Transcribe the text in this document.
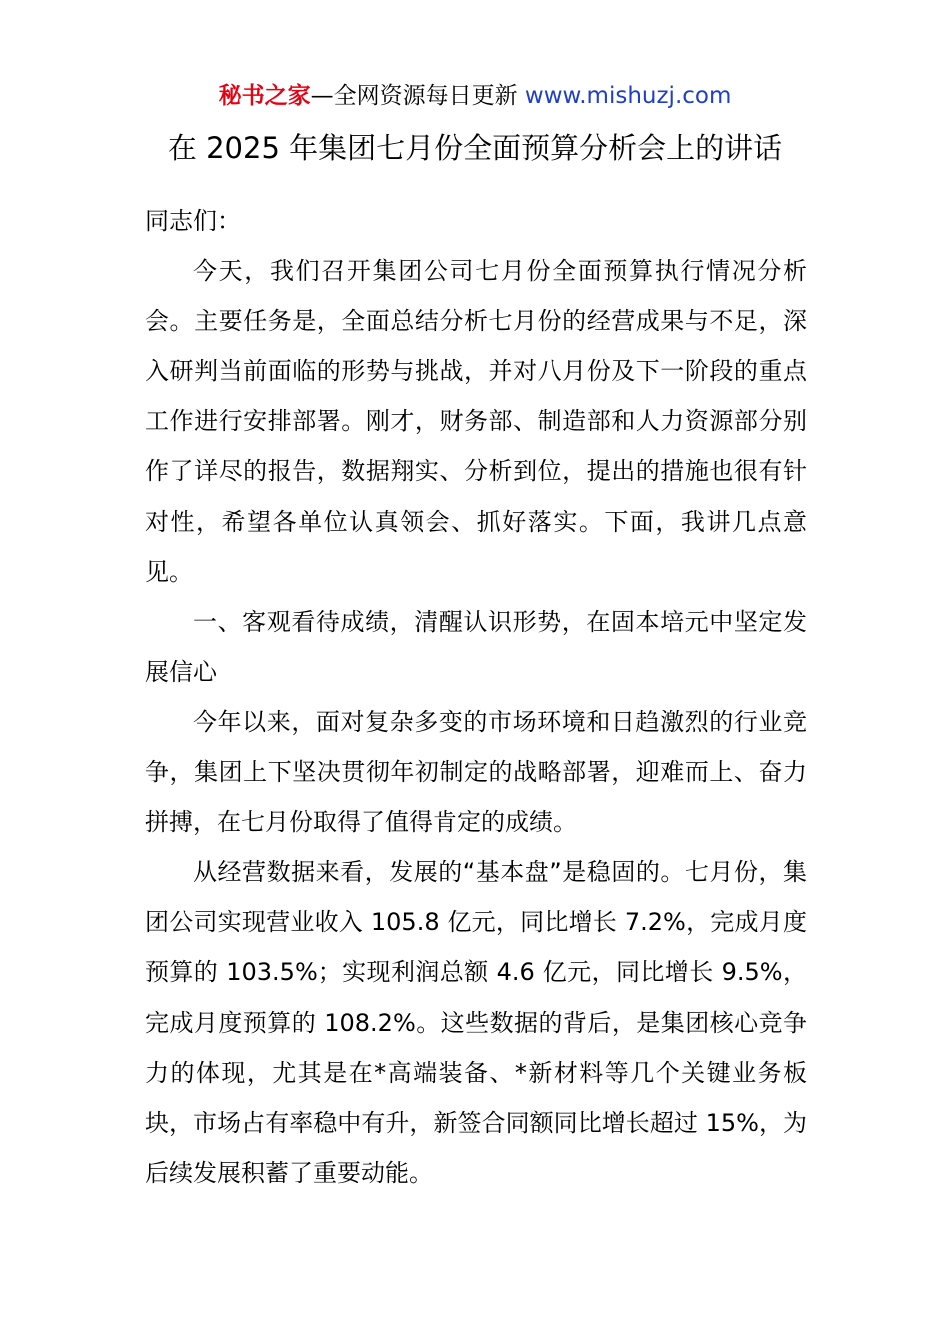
秘书之家—全网资源每日更新 www.mishuzj.com
在 2025 年集团七月份全面预算分析会上的讲话

同志们：

今天，我们召开集团公司七月份全面预算执行情况分析会。主要任务是，全面总结分析七月份的经营成果与不足，深入研判当前面临的形势与挑战，并对八月份及下一阶段的重点工作进行安排部署。刚才，财务部、制造部和人力资源部分别作了详尽的报告，数据翔实、分析到位，提出的措施也很有针对性，希望各单位认真领会、抓好落实。下面，我讲几点意见。

一、客观看待成绩，清醒认识形势，在固本培元中坚定发展信心

今年以来，面对复杂多变的市场环境和日趋激烈的行业竞争，集团上下坚决贯彻年初制定的战略部署，迎难而上、奋力拼搏，在七月份取得了值得肯定的成绩。

从经营数据来看，发展的“基本盘”是稳固的。七月份，集团公司实现营业收入 105.8 亿元，同比增长 7.2%，完成月度预算的 103.5%；实现利润总额 4.6 亿元，同比增长 9.5%，完成月度预算的 108.2%。这些数据的背后，是集团核心竞争力的体现，尤其是在*高端装备、*新材料等几个关键业务板块，市场占有率稳中有升，新签合同额同比增长超过 15%，为后续发展积蓄了重要动能。
